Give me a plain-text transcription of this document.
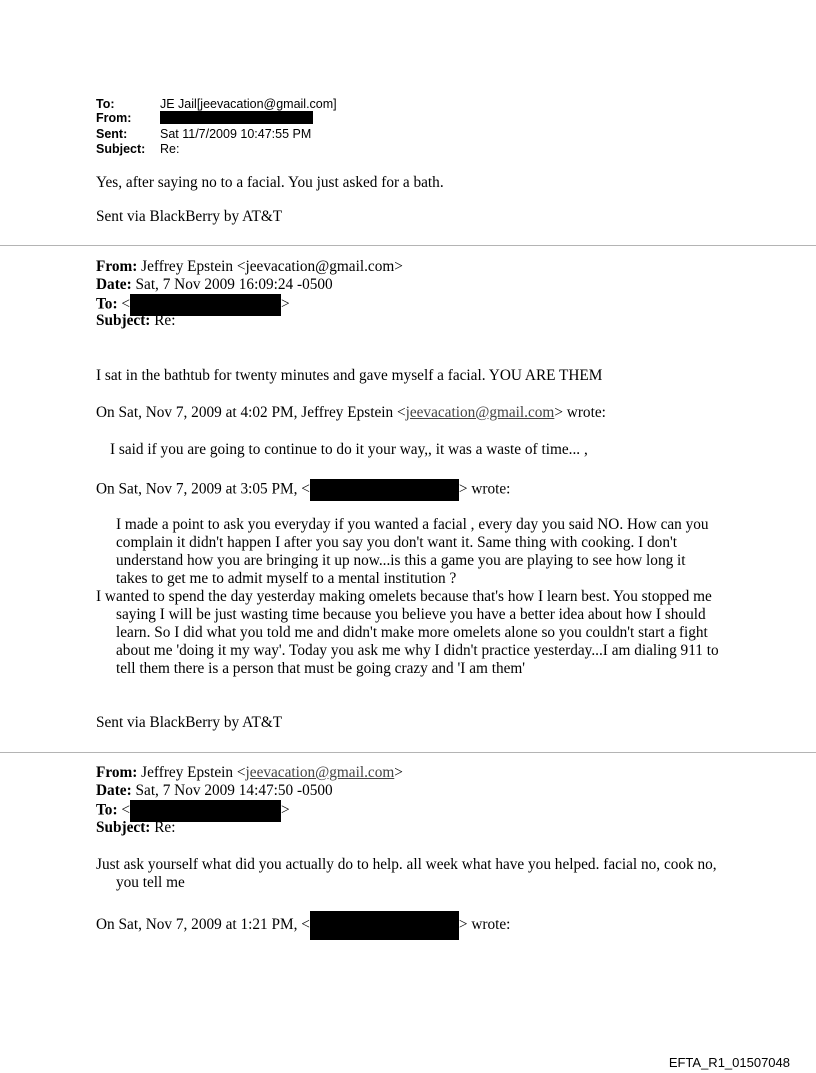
To:	JE Jail[jeevacation@gmail.com]
From:
Sent:	Sat 11/7/2009 10:47:55 PM
Subject: Re:
Yes, after saying no to a facial. You just asked for a bath.
Sent via BlackBerry by AT&T
From: Jeffrey Epstein <jeevacation@gmail.com>
Date: Sat, 7 Nov 2009 16:09:24 -0500
To: <	>
Subject: Re:
I sat in the bathtub for twenty minutes and gave myself a facial. YOU ARE THEM
On Sat, Nov 7, 2009 at 4:02 PM, Jeffrey Epstein <jeevacation@gmail.com> wrote:
I said if you are going to continue to do it your way,, it was a waste of time... ,
On Sat, Nov 7, 2009 at 3:05 PM, <	> wrote:
I made a point to ask you everyday if you wanted a facial , every day you said NO. How can you complain it didn't happen I after you say you don't want it. Same thing with cooking. I don't understand how you are bringing it up now...is this a game you are playing to see how long it takes to get me to admit myself to a mental institution ?
I wanted to spend the day yesterday making omelets because that's how I learn best. You stopped me saying I will be just wasting time because you believe you have a better idea about how I should learn. So I did what you told me and didn't make more omelets alone so you couldn't start a fight about me 'doing it my way'. Today you ask me why I didn't practice yesterday...I am dialing 911 to tell them there is a person that must be going crazy and 'I am them'
Sent via BlackBerry by AT&T
From: Jeffrey Epstein <jeevacation@gmail.com>
Date: Sat, 7 Nov 2009 14:47:50 -0500
To: <	>
Subject: Re:
Just ask yourself what did you actually do to help. all week what have you helped. facial no, cook no, you tell me
On Sat, Nov 7, 2009 at 1:21 PM, <	> wrote:
EFTA_R1_01507048
